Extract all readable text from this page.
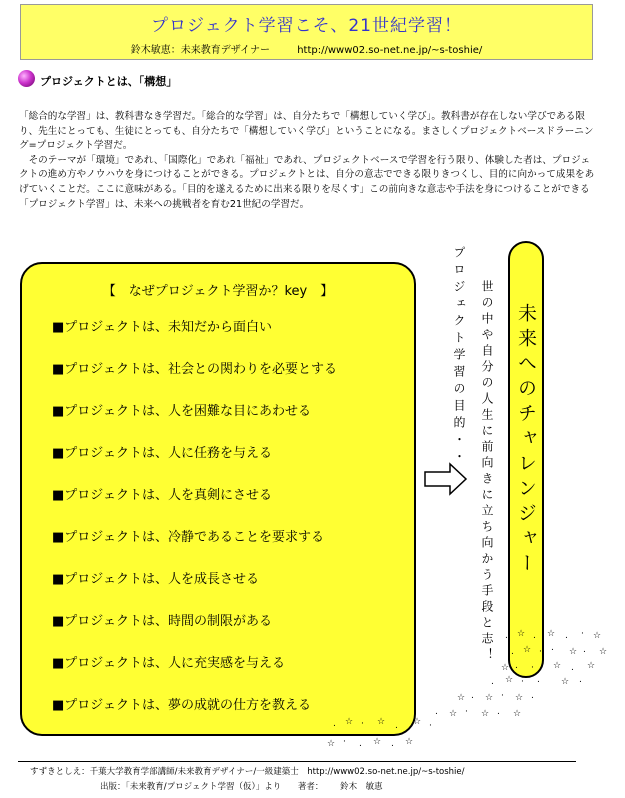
プロジェクト学習こそ、21世紀学習！
鈴木敏恵：未来教育デザイナー	http://www02.so-net.ne.jp/~s-toshie/
プロジェクトとは、「構想」

「総合的な学習」は、教科書なき学習だ。「総合的な学習」は、自分たちで「構想していく学び」。教科書が存在しない学びである限り、先生にとっても、生徒にとっても、自分たちで「構想していく学び」ということになる。まさしくプロジェクトベースドラーニング=プロジェクト学習だ。

そのテーマが「環境」であれ、「国際化」であれ「福祉」であれ、プロジェクトベースで学習を行う限り、体験した者は、プロジェクトの進め方やノウハウを身につけることができる。プロジェクトとは、自分の意志でできる限りきつくし、目的に向かって成果をあげていくことだ。ここに意味がある。「目的を遂えるために出来る限りを尽くす」この前向きな意志や手法を身につけることができる「プロジェクト学習」は、未来への挑戦者を育む21世紀の学習だ。

【　なぜプロジェクト学習か？key　】
■プロジェクトは、未知だから面白い
■プロジェクトは、社会との関わりを必要とする
■プロジェクトは、人を困難な目にあわせる
■プロジェクトは、人に任務を与える
■プロジェクトは、人を真剣にさせる
■プロジェクトは、冷静であることを要求する
■プロジェクトは、人を成長させる
■プロジェクトは、時間の制限がある
■プロジェクトは、人に充実感を与える
■プロジェクトは、夢の成就の仕方を教える
プロジェクト学習の目的・・ 世の中や自分の人生に前向きに立ち向かう手段と志！ 未来へのチャレンジャー
. ☆ . ☆ . · ☆
. ☆ · . ☆ . ☆
☆ . · ☆ . ☆
. ☆ · . ☆ .
☆ . ☆ · ☆ .
. ☆ · ☆ . ☆
. ☆ · ☆ . ☆ ·
☆ · . ☆ . ☆
すずきとしえ：千葉大学教育学部講師/未来教育デザイナー/一級建築士　http://www02.so-net.ne.jp/~s-toshie/
出版：「未来教育/プロジェクト学習（仮）」より 著者： 鈴木　敏恵
